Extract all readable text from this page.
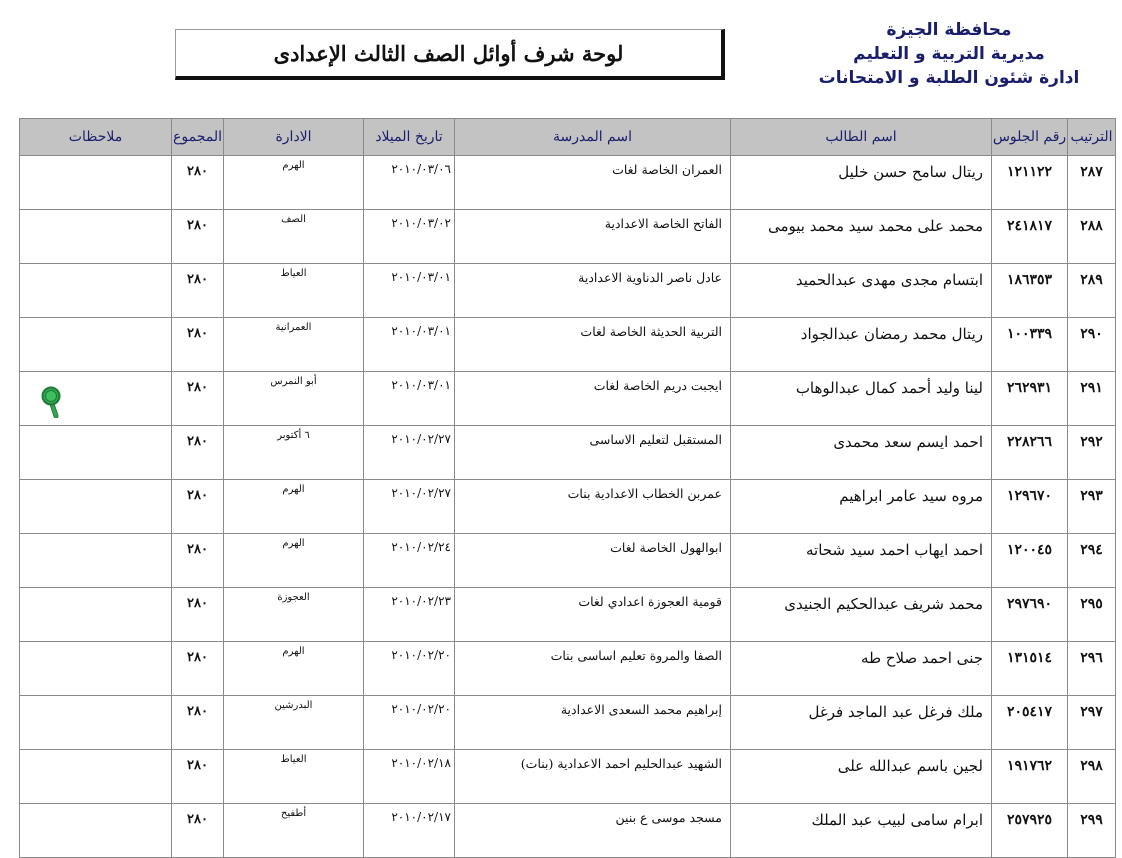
محافظة الجيزة
مديرية التربية و التعليم
ادارة شئون الطلبة و الامتحانات
لوحة شرف أوائل الصف الثالث الإعدادى
الترتيب	رقم الجلوس	اسم الطالب	اسم المدرسة	تاريخ الميلاد	الادارة	المجموع	ملاحظات
٢٨٧	١٢١١٢٢	ريتال سامح حسن خليل	العمران الخاصة لغات	٢٠١٠/٠٣/٠٦	الهرم	٢٨٠	
٢٨٨	٢٤١٨١٧	محمد على محمد سيد محمد بيومى	الفاتح الخاصة الاعدادية	٢٠١٠/٠٣/٠٢	الصف	٢٨٠	
٢٨٩	١٨٦٣٥٣	ابتسام مجدى مهدى عبدالحميد	عادل ناصر الدناوية الاعدادية	٢٠١٠/٠٣/٠١	العياط	٢٨٠	
٢٩٠	١٠٠٣٣٩	ريتال محمد رمضان عبدالجواد	التربية الحديثة الخاصة لغات	٢٠١٠/٠٣/٠١	العمرانية	٢٨٠	
٢٩١	٢٦٢٩٣١	لينا وليد أحمد كمال عبدالوهاب	ايجبت دريم الخاصة لغات	٢٠١٠/٠٣/٠١	أبو النمرس	٢٨٠	
٢٩٢	٢٢٨٢٦٦	احمد ايسم سعد محمدى	المستقبل لتعليم الاساسى	٢٠١٠/٠٢/٢٧	٦ أكتوبر	٢٨٠	
٢٩٣	١٢٩٦٧٠	مروه سيد عامر ابراهيم	عمربن الخطاب الاعدادية بنات	٢٠١٠/٠٢/٢٧	الهرم	٢٨٠	
٢٩٤	١٢٠٠٤٥	احمد ايهاب احمد سيد شحاته	ابوالهول الخاصة لغات	٢٠١٠/٠٢/٢٤	الهرم	٢٨٠	
٢٩٥	٢٩٧٦٩٠	محمد شريف عبدالحكيم الجنيدى	قومية العجوزة اعدادي لغات	٢٠١٠/٠٢/٢٣	العجوزة	٢٨٠	
٢٩٦	١٣١٥١٤	جنى احمد صلاح طه	الصفا والمروة تعليم اساسى بنات	٢٠١٠/٠٢/٢٠	الهرم	٢٨٠	
٢٩٧	٢٠٥٤١٧	ملك فرغل عبد الماجد فرغل	إبراهيم محمد السعدى الاعدادية	٢٠١٠/٠٢/٢٠	البدرشين	٢٨٠	
٢٩٨	١٩١٧٦٢	لجين باسم عبدالله على	الشهيد عبدالحليم احمد الاعدادية (بنات)	٢٠١٠/٠٢/١٨	العياط	٢٨٠	
٢٩٩	٢٥٧٩٢٥	ابرام سامى لبيب عبد الملك	مسجد موسى ع بنين	٢٠١٠/٠٢/١٧	أطفيح	٢٨٠	
